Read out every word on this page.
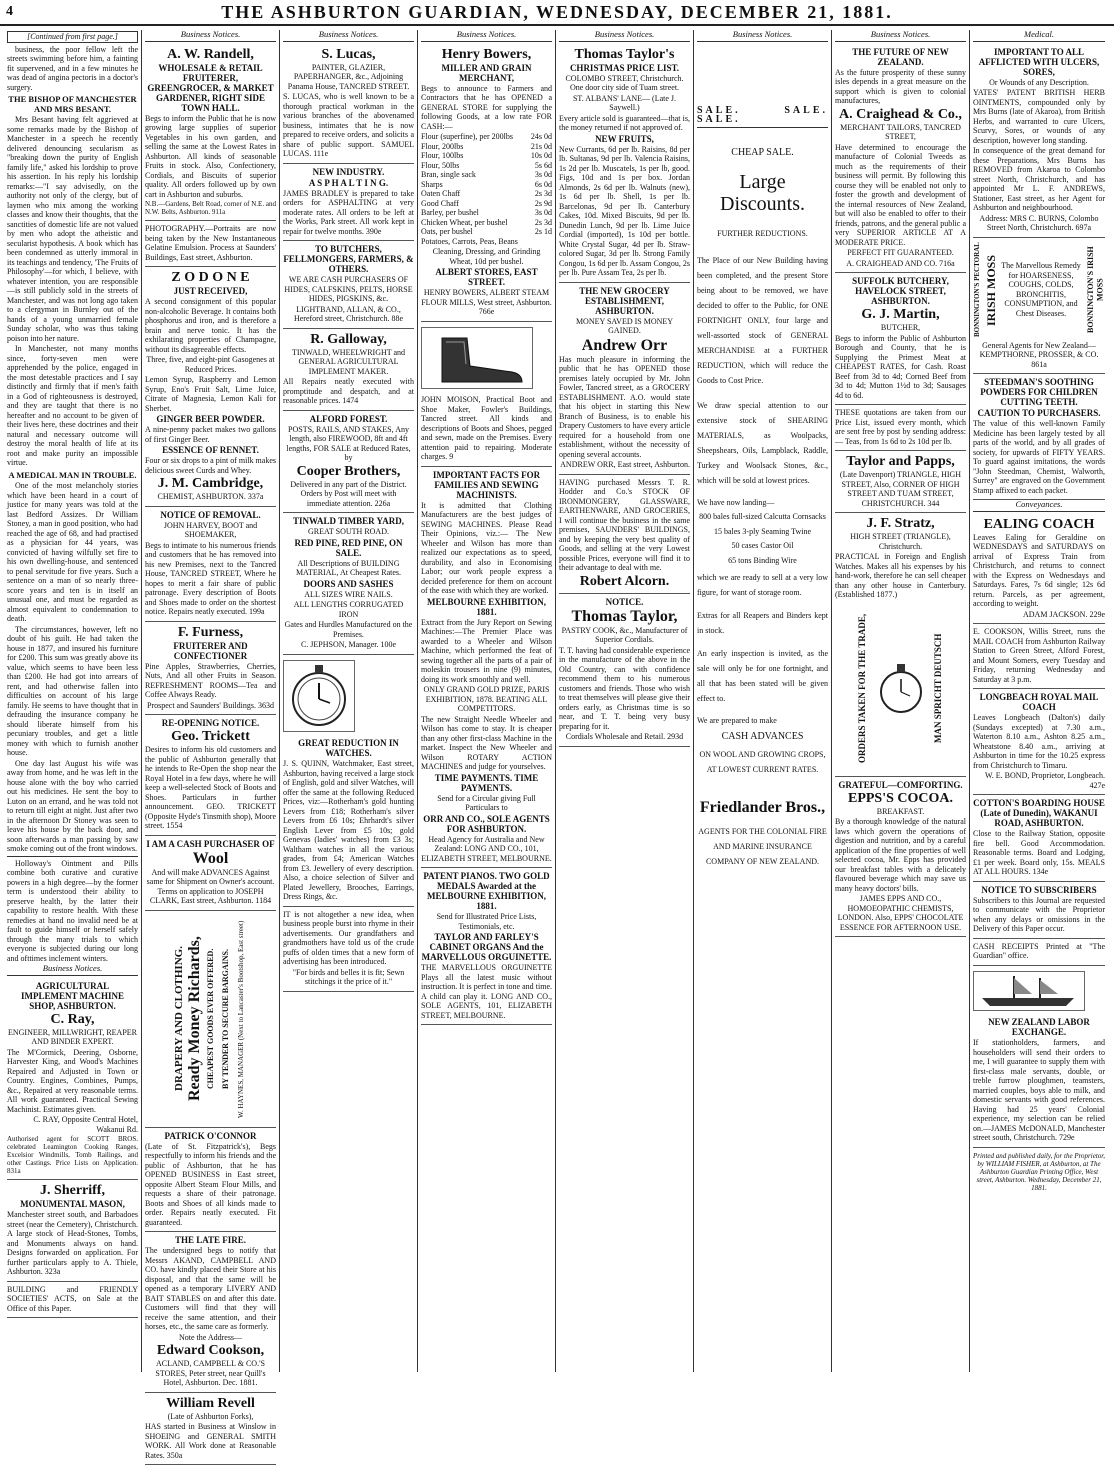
4	THE ASHBURTON GUARDIAN, WEDNESDAY, DECEMBER 21, 1881.
[Continued from first page.]

business, the poor fellow left the streets swimming before him, a fainting fit supervened, and in a few minutes he was dead of angina pectoris in a doctor's surgery.

THE BISHOP OF MANCHESTER AND MRS BESANT.

Mrs Besant having felt aggrieved at some remarks made by the Bishop of Manchester in a speech he recently delivered denouncing secularism as "breaking down the purity of English family life," asked his lordship to prove his assertion. In his reply his lordship remarks:—"I say advisedly, on the authority not only of the clergy, but of laymen who mix among the working classes and know their thoughts, that the sanctities of domestic life are not valued by men who adopt the atheistic and secularist hypothesis. A book which has been condemned as utterly immoral in its teachings and tendency, 'The Fruits of Philosophy'—for which, I believe, with whatever intention, you are responsible—is still publicly sold in the streets of Manchester, and was not long ago taken to a clergyman in Burnley out of the hands of a young unmarried female Sunday scholar, who was thus taking poison into her nature.

In Manchester, not many months since, forty-seven men were apprehended by the police, engaged in the most detestable practices and I say distinctly and firmly that if men's faith in a God of righteousness is destroyed, and they are taught that there is no hereafter and no account to be given of their lives here, these doctrines and their natural and necessary outcome will destroy the moral health of life at its root and make purity an impossible virtue.

A MEDICAL MAN IN TROUBLE.

One of the most melancholy stories which have been heard in a court of justice for many years was told at the last Bedford Assizes. Dr William Stoney, a man in good position, who had reached the age of 68, and had practised as a physician for 44 years, was convicted of having wilfully set fire to his own dwelling-house, and sentenced to penal servitude for five years. Such a sentence on a man of so nearly three-score years and ten is in itself an unusual one, and must be regarded as almost equivalent to condemnation to death.

The circumstances, however, left no doubt of his guilt. He had taken the house in 1877, and insured his furniture for £200. This sum was greatly above its value, which seems to have been less than £200. He had got into arrears of rent, and had otherwise fallen into difficulties on account of his large family. He seems to have thought that in defrauding the insurance company he should liberate himself from his pecuniary troubles, and get a little money with which to furnish another house.

One day last August his wife was away from home, and he was left in the house alone with the boy who carried out his medicines. He sent the boy to Luton on an errand, and he was told not to return till eight at night. Just after two in the afternoon Dr Stoney was seen to leave his house by the back door, and soon afterwards a man passing by saw smoke coming out of the front windows.

Holloway's Ointment and Pills combine both curative and curative powers in a high degree—by the former term is understood their ability to preserve health, by the latter their capability to restore health. With these remedies at hand no invalid need be at fault to guide himself or herself safely through the many trials to which everyone is subjected during our long and ofttimes inclement winters.

Business Notices.
AGRICULTURAL IMPLEMENT MACHINE SHOP, ASHBURTON.
C. Ray,

ENGINEER, MILLWRIGHT, REAPER AND BINDER EXPERT.

The M'Cormick, Deering, Osborne, Harvester King, and Wood's Machines Repaired and Adjusted in Town or Country. Engines, Combines, Pumps, &c., Repaired at very reasonable terms. All work guaranteed. Practical Sewing Machinist. Estimates given.

C. RAY, Opposite Central Hotel, Wakanui Rd.

Authorised agent for SCOTT BROS. celebrated Leamington Cooking Ranges, Excelsior Windmills, Tomb Railings, and other Castings. Price Lists on Application. 831a

J. Sherriff,
MONUMENTAL MASON,

Manchester street south, and Barbadoes street (near the Cemetery), Christchurch. A large stock of Head-Stones, Tombs, and Monuments always on hand. Designs forwarded on application. For further particulars apply to A. Thiele, Ashburton. 323a

BUILDING and FRIENDLY SOCIETIES' ACTS, on Sale at the Office of this Paper.

Business Notices.
A. W. Randell,
WHOLESALE & RETAIL FRUITERER, GREENGROCER, & MARKET GARDENER, RIGHT SIDE TOWN HALL.

Begs to inform the Public that he is now growing large supplies of superior Vegetables in his own garden, and selling the same at the Lowest Rates in Ashburton. All kinds of seasonable Fruits in stock. Also, Confectionery, Cordials, and Biscuits of superior quality. All orders followed up by own cart in Ashburton and suburbs.

N.B.—Gardens, Belt Road, corner of N.E. and N.W. Belts, Ashburton. 911a

PHOTOGRAPHY.—Portraits are now being taken by the New Instantaneous Gelatine Emulsion. Process at Saunders' Buildings, East street, Ashburton.

Z O D O N E
JUST RECEIVED,

A second consignment of this popular non-alcoholic Beverage. It contains both phosphorus and iron, and is therefore a brain and nerve tonic. It has the exhilarating properties of Champagne, without its disagreeable effects.

Three, five, and eight-pint Gasogenes at Reduced Prices.

Lemon Syrup, Raspberry and Lemon Syrup, Eno's Fruit Salt, Lime Juice, Citrate of Magnesia, Lemon Kali for Sherbet.

GINGER BEER POWDER.

A nine-penny packet makes two gallons of first Ginger Beer.

ESSENCE OF RENNET.

Four or six drops to a pint of milk makes delicious sweet Curds and Whey.

J. M. Cambridge,

CHEMIST, ASHBURTON. 337a

NOTICE OF REMOVAL.

JOHN HARVEY, BOOT and SHOEMAKER,

Begs to intimate to his numerous friends and customers that he has removed into his new Premises, next to the Tancred House, TANCRED STREET, Where he hopes to merit a fair share of public patronage. Every description of Boots and Shoes made to order on the shortest notice. Repairs neatly executed. 199a

F. Furness,
FRUITERER AND CONFECTIONER

Pine Apples, Strawberries, Cherries, Nuts, And all other Fruits in Season. REFRESHMENT ROOMS—Tea and Coffee Always Ready.

Prospect and Saunders' Buildings. 363d

RE-OPENING NOTICE.
Geo. Trickett

Desires to inform his old customers and the public of Ashburton generally that he intends to Re-Open the shop near the Royal Hotel in a few days, where he will keep a well-selected Stock of Boots and Shoes. Particulars in further announcement. GEO. TRICKETT (Opposite Hyde's Tinsmith shop), Moore street. 1554

I AM A CASH PURCHASER OF
Wool

And will make ADVANCES Against same for Shipment on Owner's account. Terms on application to JOSEPH CLARK, East street, Ashburton. 1184

DRAPERY AND CLOTHING. Ready Money Richards, CHEAPEST GOODS EVER OFFERED. BY TENDER TO SECURE BARGAINS. W. HAYNES, MANAGER (Next to Lancaster's Bootshop, East street)
PATRICK O'CONNOR

(Late of St. Fitzpatrick's), Begs respectfully to inform his friends and the public of Ashburton, that he has OPENED BUSINESS in East street, opposite Albert Steam Flour Mills, and requests a share of their patronage. Boots and Shoes of all kinds made to order. Repairs neatly executed. Fit guaranteed.

THE LATE FIRE.

The undersigned begs to notify that Messrs AKAND, CAMPBELL AND CO. have kindly placed their Store at his disposal, and that the same will be opened as a temporary LIVERY AND BAIT STABLES on and after this date. Customers will find that they will receive the same attention, and their horses, etc., the same care as formerly.

Note the Address—

Edward Cookson,

ACLAND, CAMPBELL & CO.'S STORES, Peter street, near Quill's Hotel, Ashburton. Dec. 1881.

William Revell

(Late of Ashburton Forks),

HAS started in Business at Winslow in SHOEING and GENERAL SMITH WORK. All Work done at Reasonable Rates. 350a

Business Notices.
S. Lucas,

PAINTER, GLAZIER, PAPERHANGER, &c., Adjoining Panama House, TANCRED STREET.

S. LUCAS, who is well known to be a thorough practical workman in the various branches of the abovenamed business, intimates that he is now prepared to receive orders, and solicits a share of public support. SAMUEL LUCAS. 111e

NEW INDUSTRY.
A S P H A L T I N G.

JAMES BRADLEY is prepared to take orders for ASPHALTING at very moderate rates. All orders to be left at the Works, Park street. All work kept in repair for twelve months. 390e

TO BUTCHERS, FELLMONGERS, FARMERS, & OTHERS.

WE ARE CASH PURCHASERS OF HIDES, CALFSKINS, PELTS, HORSE HIDES, PIGSKINS, &c.

LIGHTBAND, ALLAN, & CO., Hereford street, Christchurch. 88e

R. Galloway,

TINWALD, WHEELWRIGHT and GENERAL AGRICULTURAL IMPLEMENT MAKER.

All Repairs neatly executed with promptitude and despatch, and at reasonable prices. 1474

ALFORD FOREST.

POSTS, RAILS, AND STAKES, Any length, also FIREWOOD, 8ft and 4ft lengths, FOR SALE at Reduced Rates, by

Cooper Brothers,

Delivered in any part of the District. Orders by Post will meet with immediate attention. 226a

TINWALD TIMBER YARD,

GREAT SOUTH ROAD.

RED PINE, RED PINE, ON SALE.

All Descriptions of BUILDING MATERIAL, At Cheapest Rates.

DOORS AND SASHES

ALL SIZES WIRE NAILS.

ALL LENGTHS CORRUGATED IRON

Gates and Hurdles Manufactured on the Premises.

C. JEPHSON, Manager. 100e

GREAT REDUCTION IN WATCHES.

J. S. QUINN, Watchmaker, East street, Ashburton, having received a large stock of English, gold and silver Watches, will offer the same at the following Reduced Prices, viz:—Rotherham's gold hunting Levers from £18; Rotherham's silver Levers from £6 10s; Ehrhardt's silver English Lever from £5 10s; gold Genevas (ladies' watches) from £3 3s; Waltham watches in all the various grades, from £4; American Watches from £3. Jewellery of every description. Also, a choice selection of Silver and Plated Jewellery, Brooches, Earrings, Dress Rings, &c.

IT is not altogether a new idea, when business people burst into rhyme in their advertisements. Our grandfathers and grandmothers have told us of the crude puffs of olden times that a new form of advertising has been introduced.

"For birds and belles it is fit; Sewn stitchings it the price of it."

Business Notices.
Henry Bowers,
MILLER AND GRAIN MERCHANT,

Begs to announce to Farmers and Contractors that he has OPENED a GENERAL STORE for supplying the following Goods, at a low rate FOR CASH:—

Flour (superfine), per 200lbs 24s 0d
Flour, 200lbs	21s 0d
Flour, 100lbs	10s 0d
Flour, 50lbs	5s 6d
Bran, single sack	3s 0d
Sharps	6s 0d
Oaten Chaff	2s 3d
Good Chaff	2s 9d
Barley, per bushel	3s 0d
Chicken Wheat, per bushel	2s 3d
Oats, per bushel	2s 1d
Potatoes, Carrots, Peas, Beans

Cleaning, Dressing, and Grinding Wheat, 10d per bushel.

ALBERT STORES, EAST STREET.

HENRY BOWERS, ALBERT STEAM FLOUR MILLS, West street, Ashburton. 766e

JOHN MOISON, Practical Boot and Shoe Maker, Fowler's Buildings, Tancred street. All kinds and descriptions of Boots and Shoes, pegged and sewn, made on the Premises. Every attention paid to repairing. Moderate charges. 9

IMPORTANT FACTS FOR FAMILIES AND SEWING MACHINISTS.

It is admitted that Clothing Manufacturers are the best judges of SEWING MACHINES. Please Read Their Opinions, viz.:— The New Wheeler and Wilson has more than realized our expectations as to speed, durability, and also in Economising Labor; our work people express a decided preference for them on account of the ease with which they are worked.

MELBOURNE EXHIBITION, 1881.

Extract from the Jury Report on Sewing Machines:—The Premier Place was awarded to a Wheeler and Wilson Machine, which performed the feat of sewing together all the parts of a pair of moleskin trousers in nine (9) minutes, doing its work smoothly and well.

ONLY GRAND GOLD PRIZE, PARIS EXHIBITION, 1878. BEATING ALL COMPETITORS.

The new Straight Needle Wheeler and Wilson has come to stay. It is cheaper than any other first-class Machine in the market. Inspect the New Wheeler and Wilson ROTARY ACTION MACHINES and judge for yourselves.

TIME PAYMENTS. TIME PAYMENTS.

Send for a Circular giving Full Particulars to

ORR AND CO., SOLE AGENTS FOR ASHBURTON.

Head Agency for Australia and New Zealand: LONG AND CO., 101, ELIZABETH STREET, MELBOURNE.

PATENT PIANOS. TWO GOLD MEDALS Awarded at the MELBOURNE EXHIBITION, 1881.

Send for Illustrated Price Lists, Testimonials, etc.

TAYLOR AND FARLEY'S CABINET ORGANS And the MARVELLOUS ORGUINETTE.

THE MARVELLOUS ORGUINETTE Plays all the latest music without instruction. It is perfect in tone and time. A child can play it. LONG AND CO., SOLE AGENTS, 101, ELIZABETH STREET, MELBOURNE.

Business Notices.
Thomas Taylor's
CHRISTMAS PRICE LIST.

COLOMBO STREET, Christchurch. One door city side of Tuam street.

ST. ALBANS' LANE— (Late J. Saywell.)

Every article sold is guaranteed—that is, the money returned if not approved of.

NEW FRUITS,

New Currants, 6d per lb. Raisins, 8d per lb. Sultanas, 9d per lb. Valencia Raisins, 1s 2d per lb. Muscatels, 1s per lb, good. Figs, 10d and 1s per box. Jordan Almonds, 2s 6d per lb. Walnuts (new), 1s 6d per lb. Shell, 1s per lb. Barcelonas, 9d per lb. Canterbury Cakes, 10d. Mixed Biscuits, 9d per lb. Dunedin Lunch, 9d per lb. Lime Juice Cordial (imported), 1s 10d per bottle. White Crystal Sugar, 4d per lb. Straw-colored Sugar, 3d per lb. Strong Family Congou, 1s 6d per lb. Assam Congou, 2s per lb. Pure Assam Tea, 2s per lb.

THE NEW GROCERY ESTABLISHMENT, ASHBURTON.

MONEY SAVED IS MONEY GAINED.

Andrew Orr

Has much pleasure in informing the public that he has OPENED those premises lately occupied by Mr. John Fowler, Tancred street, as a GROCERY ESTABLISHMENT. A.O. would state that his object in starting this New Branch of Business, is to enable his Drapery Customers to have every article required for a household from one establishment, without the necessity of opening several accounts.

ANDREW ORR, East street, Ashburton.

HAVING purchased Messrs T. R. Hodder and Co.'s STOCK OF IRONMONGERY, GLASSWARE, EARTHENWARE, AND GROCERIES, I will continue the business in the same premises, SAUNDERS' BUILDINGS, and by keeping the very best quality of Goods, and selling at the very Lowest possible Prices, everyone will find it to their advantage to deal with me.

Robert Alcorn.
NOTICE.
Thomas Taylor,

PASTRY COOK, &c., Manufacturer of Superior Cordials.

T. T. having had considerable experience in the manufacture of the above in the Old Country, can with confidence recommend them to his numerous customers and friends. Those who wish to treat themselves will please give their orders early, as Christmas time is so near, and T. T. being very busy preparing for it.

Cordials Wholesale and Retail. 293d

Business Notices.

SALE. SALE. SALE.

CHEAP SALE.

Large Discounts.

FURTHER REDUCTIONS.

The Place of our New Building having been completed, and the present Store being about to be removed, we have decided to offer to the Public, for ONE FORTNIGHT ONLY, four large and well-assorted stock of GENERAL MERCHANDISE at a FURTHER REDUCTION, which will reduce the Goods to Cost Price.

We draw special attention to our extensive stock of SHEARING MATERIALS, as Woolpacks, Sheepshears, Oils, Lampblack, Raddle, Turkey and Woolsack Stones, &c., which will be sold at lowest prices.

We have now landing—

800 bales full-sized Calcutta Cornsacks

15 bales 3-ply Seaming Twine

50 cases Castor Oil

65 tons Binding Wire

which we are ready to sell at a very low figure, for want of storage room.

Extras for all Reapers and Binders kept in stock.

An early inspection is invited, as the sale will only be for one fortnight, and all that has been stated will be given effect to.

We are prepared to make

CASH ADVANCES

ON WOOL AND GROWING CROPS, AT LOWEST CURRENT RATES.

Friedlander Bros.,

AGENTS FOR THE COLONIAL FIRE AND MARINE INSURANCE COMPANY OF NEW ZEALAND.

Business Notices.
THE FUTURE OF NEW ZEALAND.

As the future prosperity of these sunny isles depends in a great measure on the support which is given to colonial manufactures,

A. Craighead & Co.,

MERCHANT TAILORS, TANCRED STREET,

Have determined to encourage the manufacture of Colonial Tweeds as much as the requirements of their business will permit. By following this course they will be enabled not only to foster the growth and development of the internal resources of New Zealand, but will also be enabled to offer to their friends, patrons, and the general public a very SUPERIOR ARTICLE AT A MODERATE PRICE.

PERFECT FIT GUARANTEED.

A. CRAIGHEAD AND CO. 716a

SUFFOLK BUTCHERY, HAVELOCK STREET, ASHBURTON.
G. J. Martin,

BUTCHER,

Begs to inform the Public of Ashburton Borough and County, that he is Supplying the Primest Meat at CHEAPEST RATES, for Cash. Roast Beef from 3d to 4d; Corned Beef from 3d to 4d; Mutton 1½d to 3d; Sausages 4d to 6d.

THESE quotations are taken from our Price List, issued every month, which are sent free by post by sending address:— Teas, from 1s 6d to 2s 10d per lb.

Taylor and Papps,

(Late Davenport) TRIANGLE, HIGH STREET, Also, CORNER OF HIGH STREET AND TUAM STREET, CHRISTCHURCH. 344

J. F. Stratz,

HIGH STREET (TRIANGLE), Christchurch.

PRACTICAL in Foreign and English Watches. Makes all his expenses by his hand-work, therefore he can sell cheaper than any other house in Canterbury. (Established 1877.)

ORDERS TAKEN FOR THE TRADE,	MAN SPRICHT DEUTSCH
GRATEFUL—COMFORTING.
EPPS'S COCOA.

BREAKFAST.

By a thorough knowledge of the natural laws which govern the operations of digestion and nutrition, and by a careful application of the fine properties of well selected cocoa, Mr. Epps has provided our breakfast tables with a delicately flavoured beverage which may save us many heavy doctors' bills.

JAMES EPPS AND CO., HOMOEOPATHIC CHEMISTS, LONDON. Also, EPPS' CHOCOLATE ESSENCE FOR AFTERNOON USE.

Medical.
IMPORTANT TO ALL AFFLICTED WITH ULCERS, SORES,

Or Wounds of any Description.

YATES' PATENT BRITISH HERB OINTMENTS, compounded only by Mrs Burns (late of Akaroa), from British Herbs, and warranted to cure Ulcers, Scurvy, Sores, or wounds of any description, however long standing.

In consequence of the great demand for these Preparations, Mrs Burns has REMOVED from Akaroa to Colombo street North, Christchurch, and has appointed Mr L. F. ANDREWS, Stationer, East street, as her Agent for Ashburton and neighbourhood.

Address: MRS C. BURNS, Colombo Street North, Christchurch. 697a

BONNINGTON'S PECTORAL IRISH MOSS The Marvellous Remedy for HOARSENESS, COUGHS, COLDS, BRONCHITIS, CONSUMPTION, and Chest Diseases.	BONNINGTON'S IRISH MOSS

General Agents for New Zealand— KEMPTHORNE, PROSSER, & CO. 861a

STEEDMAN'S SOOTHING POWDERS FOR CHILDREN CUTTING TEETH.
CAUTION TO PURCHASERS.

The value of this well-known Family Medicine has been largely tested by all parts of the world, and by all grades of society, for upwards of FIFTY YEARS. To guard against imitations, the words "John Steedman, Chemist, Walworth, Surrey" are engraved on the Government Stamp affixed to each packet.

Conveyances.
EALING COACH

Leaves Ealing for Geraldine on WEDNESDAYS and SATURDAYS on arrival of Express Train from Christchurch, and returns to connect with the Express on Wednesdays and Saturdays. Fares, 7s 6d single; 12s 6d return. Parcels, as per agreement, according to weight.

ADAM JACKSON. 229e

E. COOKSON, Willis Street, runs the MAIL COACH from Ashburton Railway Station to Green Street, Alford Forest, and Mount Somers, every Tuesday and Friday, returning Wednesday and Saturday at 3 p.m.

LONGBEACH ROYAL MAIL COACH

Leaves Longbeach (Dalton's) daily (Sundays excepted) at 7.30 a.m., Waterton 8.10 a.m., Ashton 8.25 a.m., Wheatstone 8.40 a.m., arriving at Ashburton in time for the 10.25 express from Christchurch to Timaru.

W. E. BOND, Proprietor, Longbeach. 427e

COTTON'S BOARDING HOUSE (Late of Dunedin), WAKANUI ROAD, ASHBURTON.

Close to the Railway Station, opposite fire bell. Good Accommodation. Reasonable terms. Board and Lodging, £1 per week. Board only, 15s. MEALS AT ALL HOURS. 134e

NOTICE TO SUBSCRIBERS

Subscribers to this Journal are requested to communicate with the Proprietor when any delays or omissions in the Delivery of this Paper occur.

CASH RECEIPTS Printed at "The Guardian" office.

NEW ZEALAND LABOR EXCHANGE.

If stationholders, farmers, and householders will send their orders to me, I will guarantee to supply them with first-class male servants, double, or treble furrow ploughmen, teamsters, married couples, boys able to milk, and domestic servants with good references. Having had 25 years' Colonial experience, my selection can be relied on.—JAMES McDONALD, Manchester street south, Christchurch. 729e

Printed and published daily, for the Proprietor, by WILLIAM FISHER, at Ashburton, at The Ashburton Guardian Printing Office, West street, Ashburton. Wednesday, December 21, 1881.
